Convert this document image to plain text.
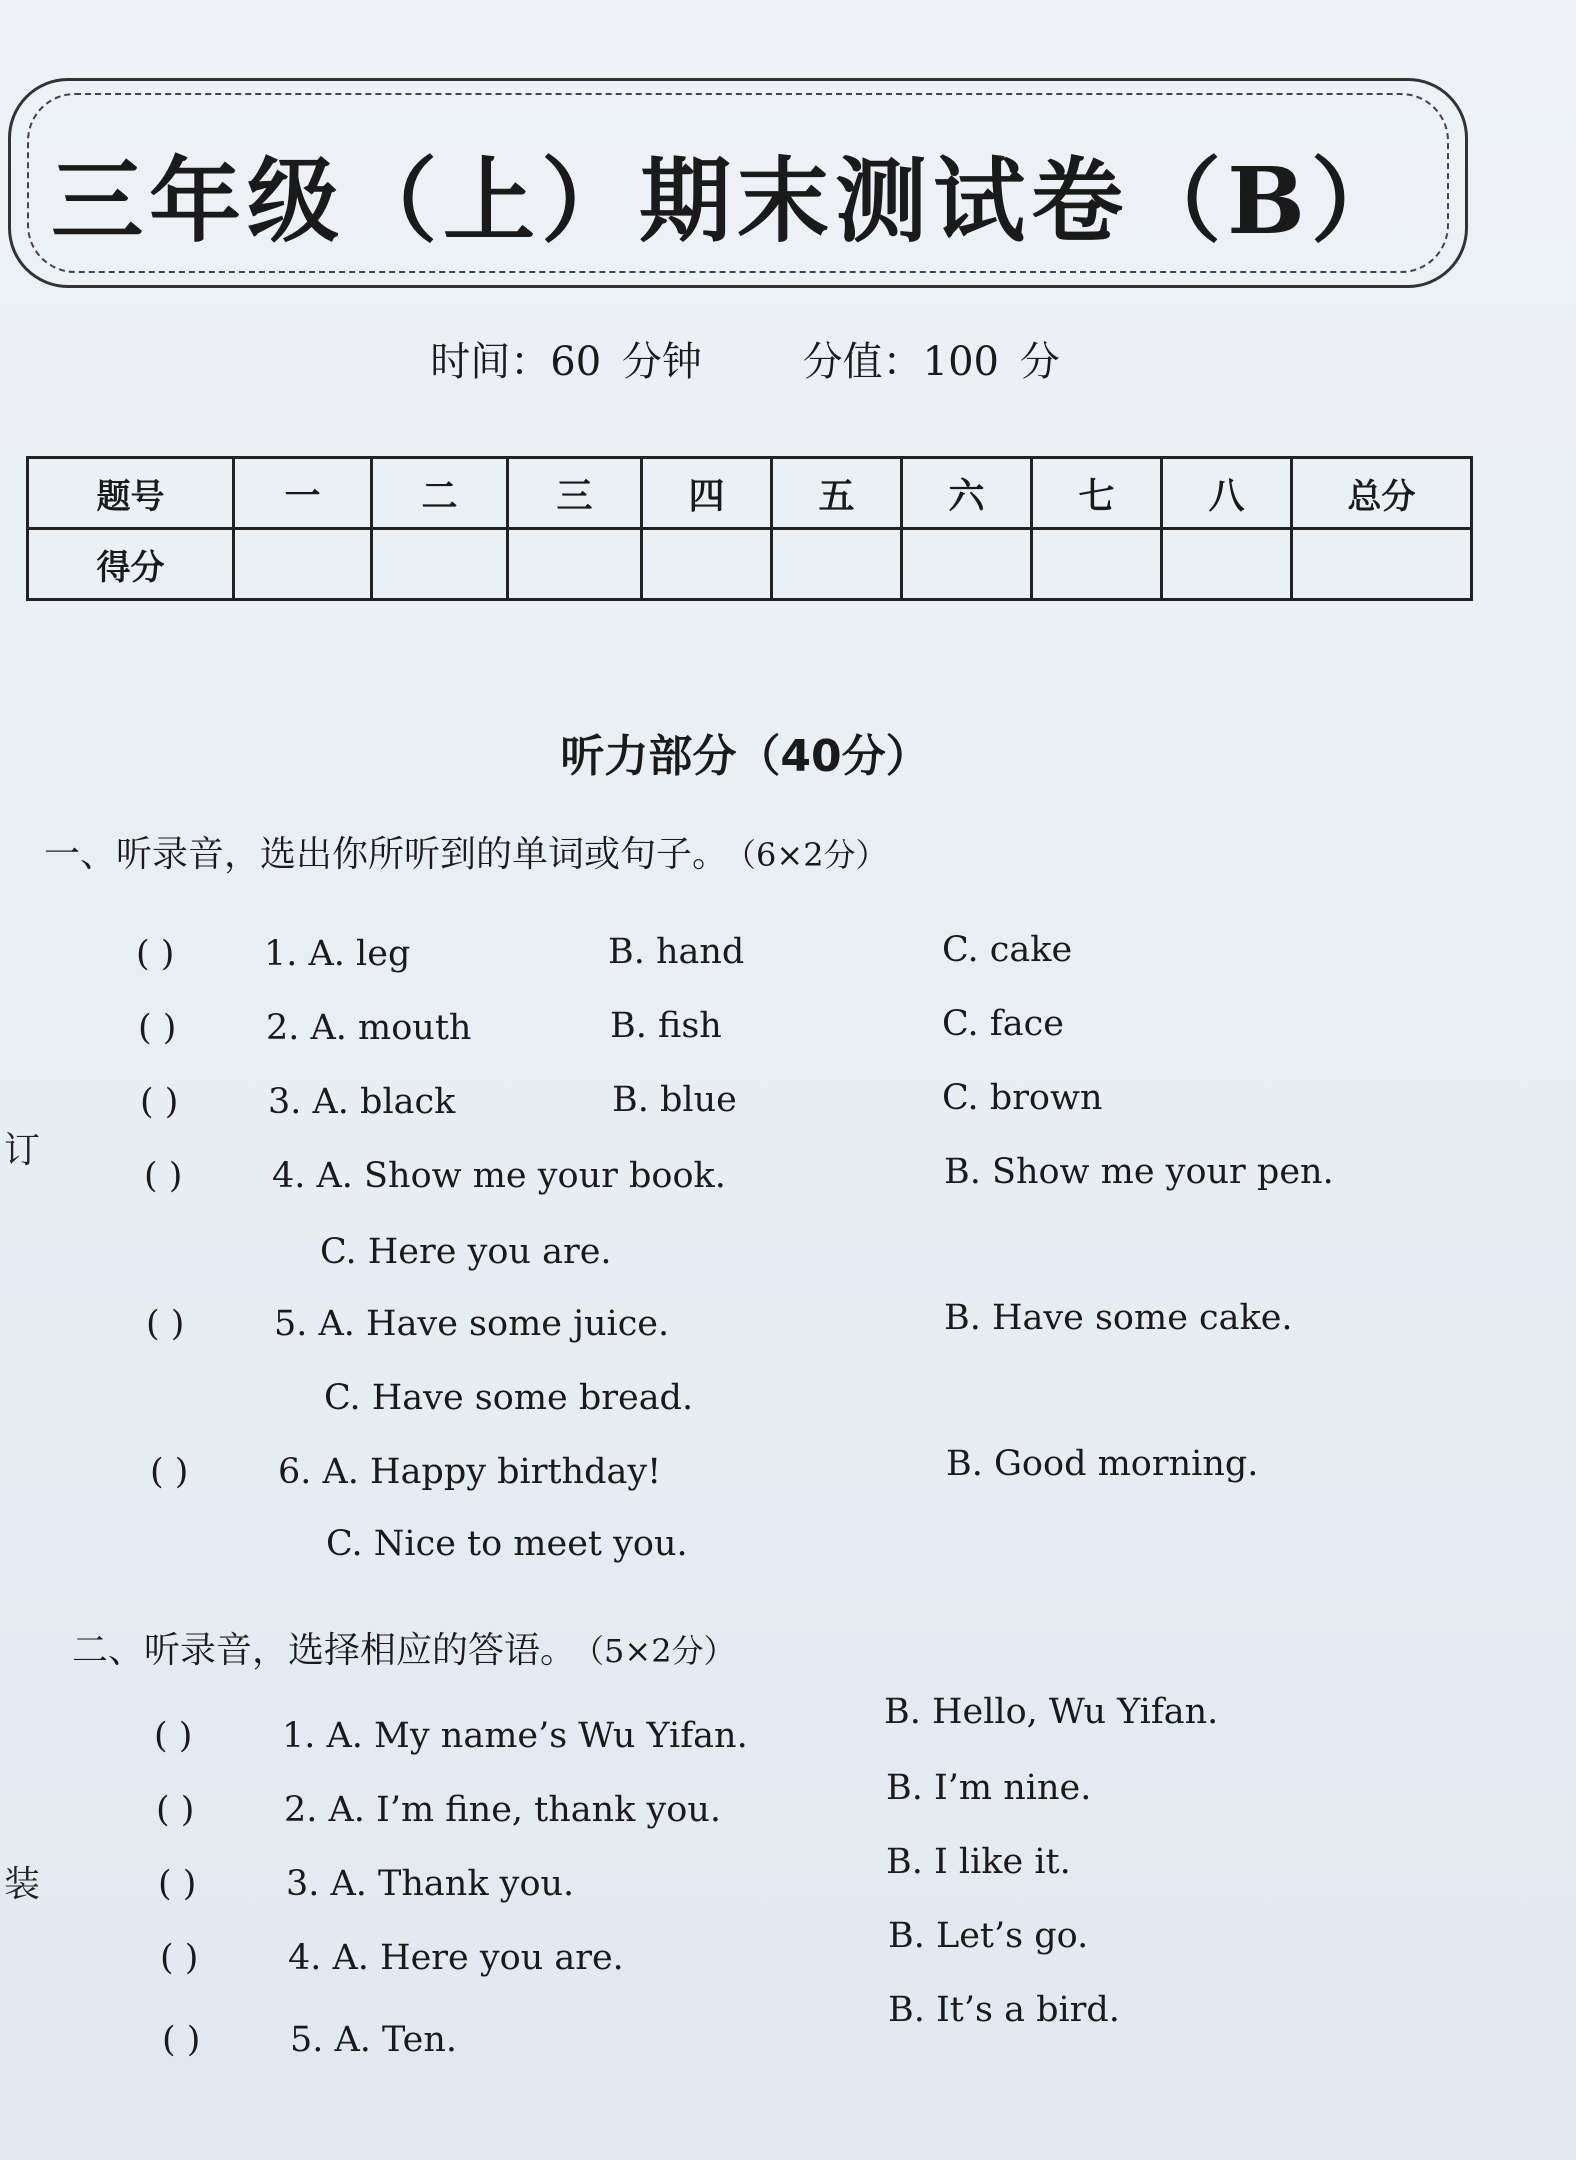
三年级（上）期末测试卷（B）
时间：60 分钟	分值：100 分
题号	一	二	三	四	五	六	七	八	总分
得分									
听力部分（40分）
一、听录音，选出你所听到的单词或句子。 （6×2分）
( )	1. A. leg	B. hand	C. cake
( )	2. A. mouth	B. fish	C. face
( )	3. A. black	B. blue	C. brown
( )	4. A. Show me your book.	B. Show me your pen.
C. Here you are.
( )	5. A. Have some juice.	B. Have some cake.
C. Have some bread.
( )	6. A. Happy birthday!	B. Good morning.
C. Nice to meet you.
二、听录音，选择相应的答语。 （5×2分）
( )	1. A. My name’s Wu Yifan.
B. Hello, Wu Yifan.
( )	2. A. I’m fine, thank you.
B. I’m nine.
( )	3. A. Thank you.
B. I like it.
( )	4. A. Here you are.
B. Let’s go.
( )	5. A. Ten.
B. It’s a bird.
订
装
